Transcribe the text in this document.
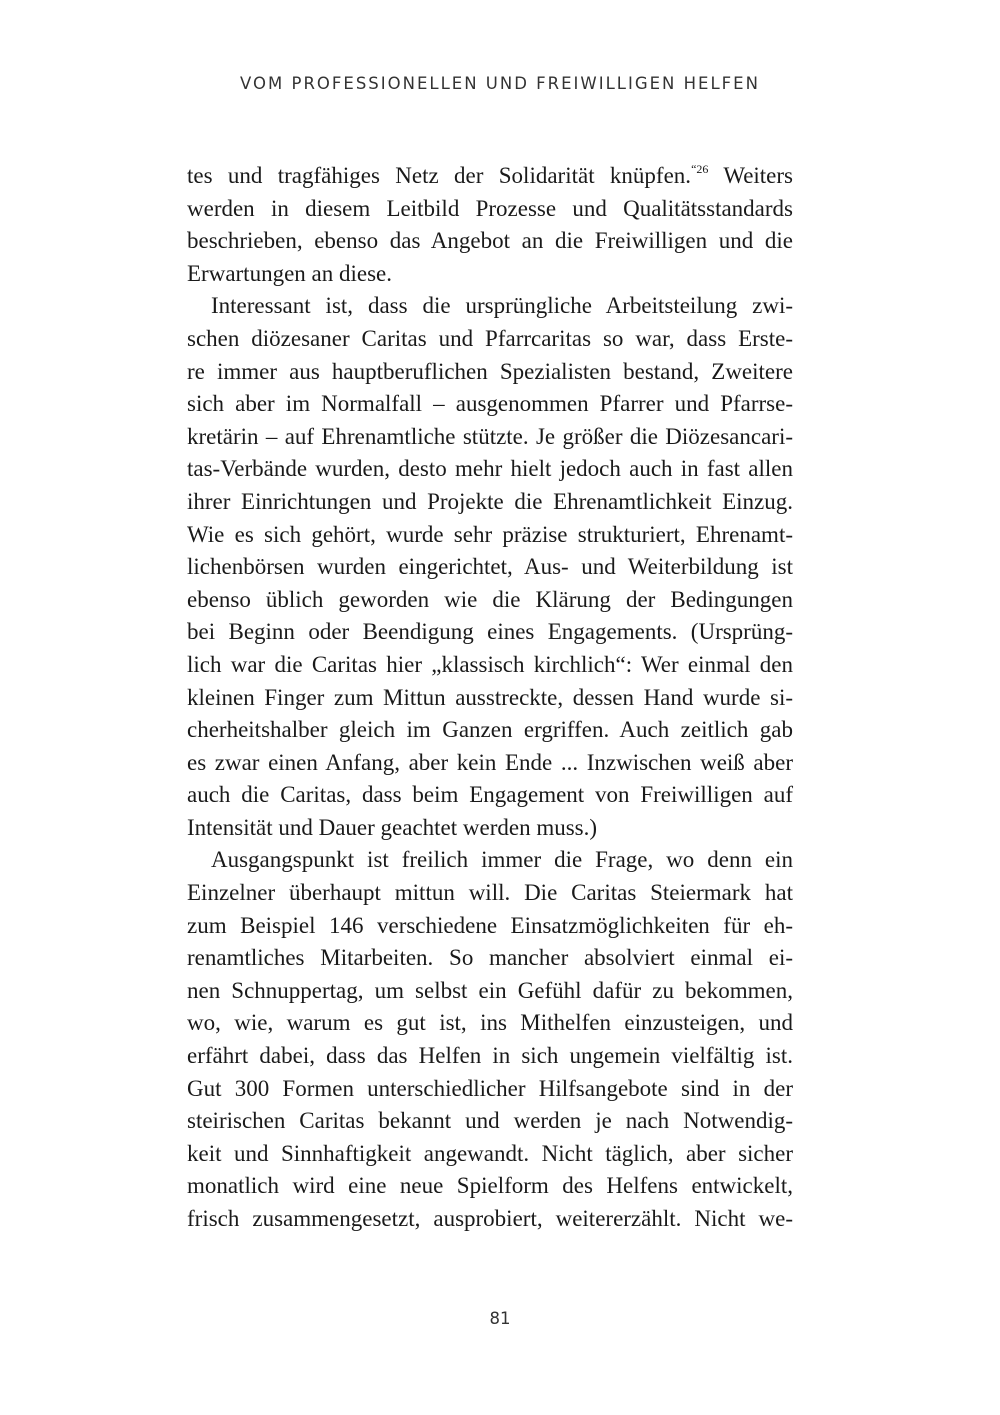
VOM PROFESSIONELLEN UND FREIWILLIGEN HELFEN
tes und tragfähiges Netz der Solidarität knüpfen.$^{“26}$ Weiters
werden in diesem Leitbild Prozesse und Qualitätsstandards
beschrieben, ebenso das Angebot an die Freiwilligen und die
Erwartungen an diese.
Interessant ist, dass die ursprüngliche Arbeitsteilung zwi-
schen diözesaner Caritas und Pfarrcaritas so war, dass Erste-
re immer aus hauptberuflichen Spezialisten bestand, Zweitere
sich aber im Normalfall – ausgenommen Pfarrer und Pfarrse-
kretärin – auf Ehrenamtliche stützte. Je größer die Diözesancari-
tas-Verbände wurden, desto mehr hielt jedoch auch in fast allen
ihrer Einrichtungen und Projekte die Ehrenamtlichkeit Einzug.
Wie es sich gehört, wurde sehr präzise strukturiert, Ehrenamt-
lichenbörsen wurden eingerichtet, Aus- und Weiterbildung ist
ebenso üblich geworden wie die Klärung der Bedingungen
bei Beginn oder Beendigung eines Engagements. (Ursprüng-
lich war die Caritas hier „klassisch kirchlich“: Wer einmal den
kleinen Finger zum Mittun ausstreckte, dessen Hand wurde si-
cherheitshalber gleich im Ganzen ergriffen. Auch zeitlich gab
es zwar einen Anfang, aber kein Ende ... Inzwischen weiß aber
auch die Caritas, dass beim Engagement von Freiwilligen auf
Intensität und Dauer geachtet werden muss.)
Ausgangspunkt ist freilich immer die Frage, wo denn ein
Einzelner überhaupt mittun will. Die Caritas Steiermark hat
zum Beispiel 146 verschiedene Einsatzmöglichkeiten für eh-
renamtliches Mitarbeiten. So mancher absolviert einmal ei-
nen Schnuppertag, um selbst ein Gefühl dafür zu bekommen,
wo, wie, warum es gut ist, ins Mithelfen einzusteigen, und
erfährt dabei, dass das Helfen in sich ungemein vielfältig ist.
Gut 300 Formen unterschiedlicher Hilfsangebote sind in der
steirischen Caritas bekannt und werden je nach Notwendig-
keit und Sinnhaftigkeit angewandt. Nicht täglich, aber sicher
monatlich wird eine neue Spielform des Helfens entwickelt,
frisch zusammengesetzt, ausprobiert, weitererzählt. Nicht we-
81
